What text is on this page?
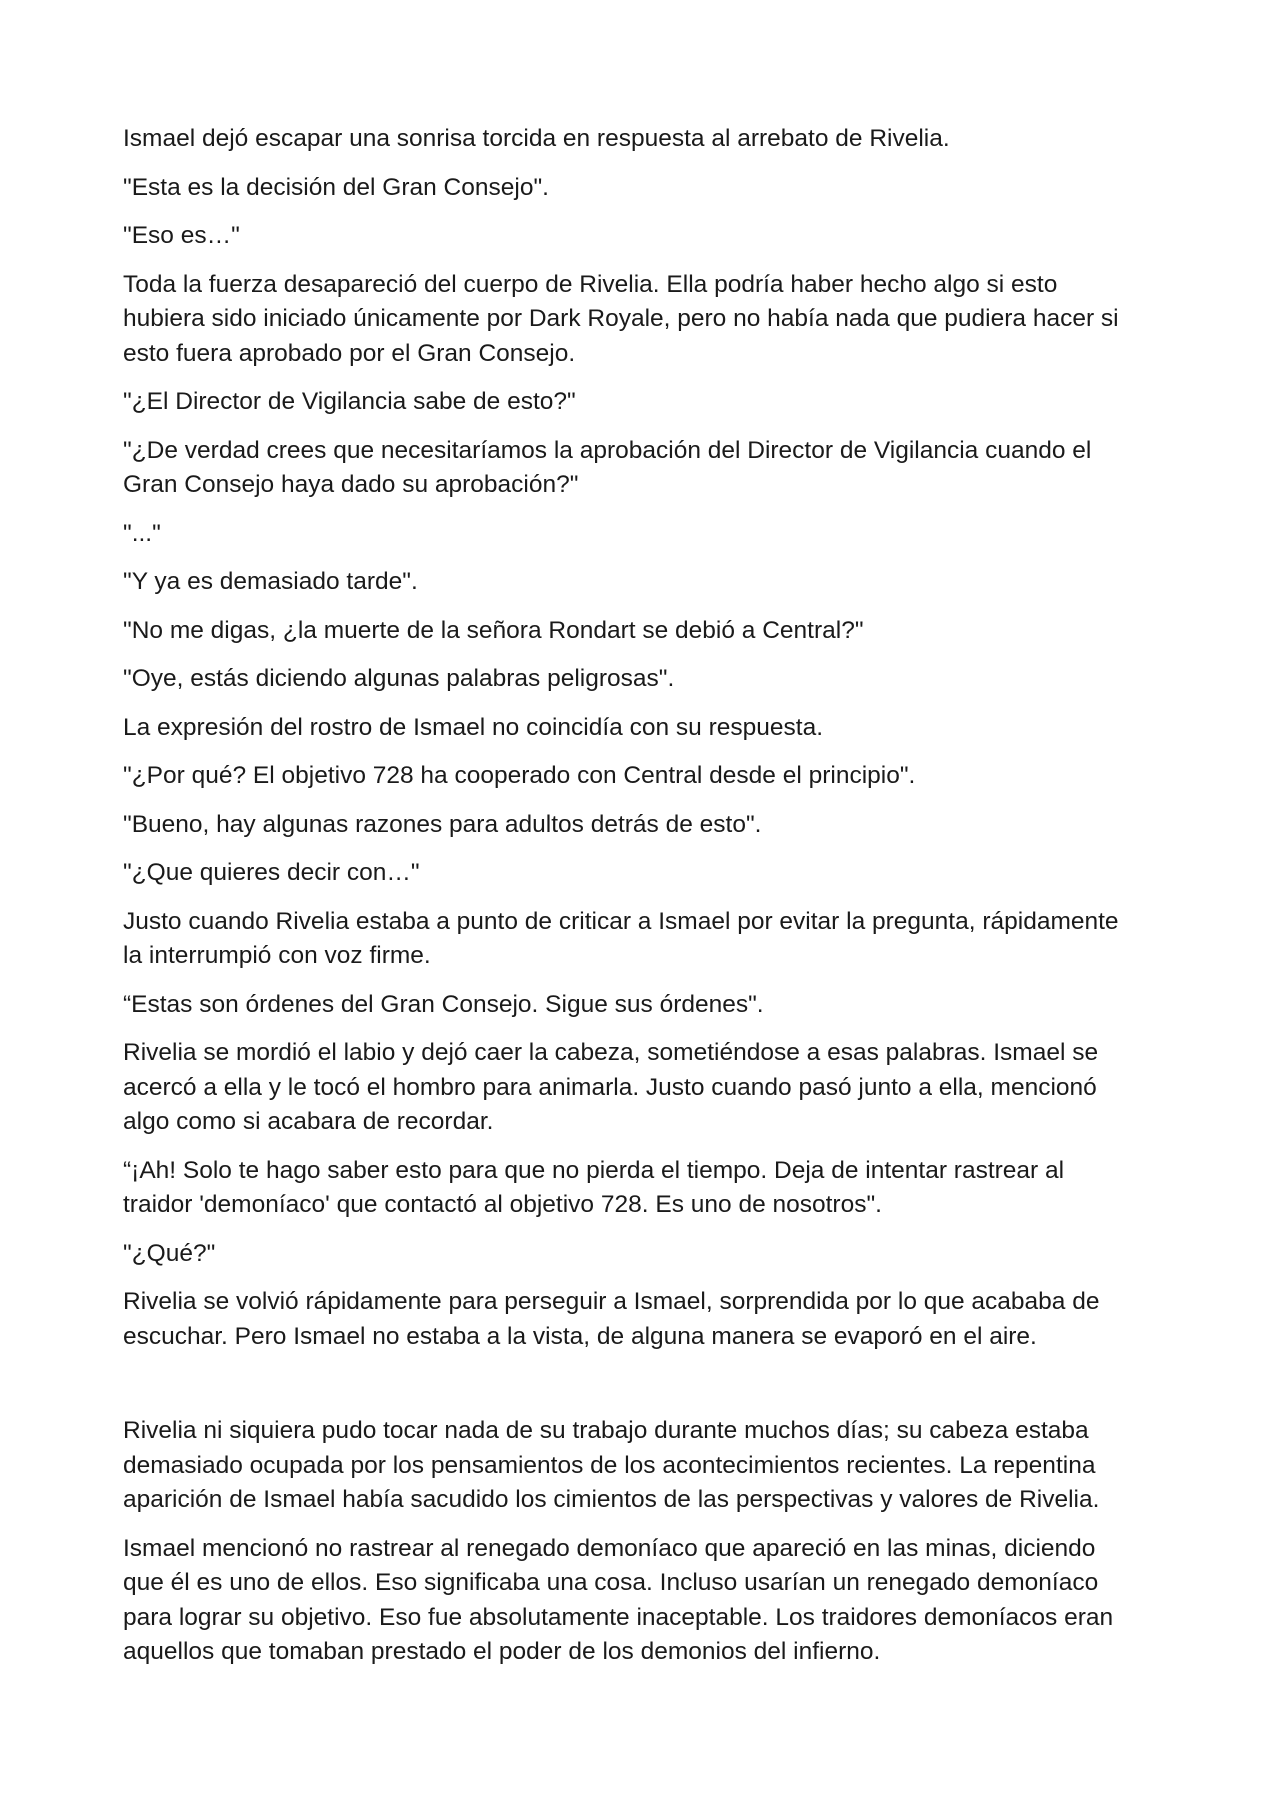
Ismael dejó escapar una sonrisa torcida en respuesta al arrebato de Rivelia.

"Esta es la decisión del Gran Consejo".

"Eso es…"

Toda la fuerza desapareció del cuerpo de Rivelia. Ella podría haber hecho algo si esto hubiera sido iniciado únicamente por Dark Royale, pero no había nada que pudiera hacer si esto fuera aprobado por el Gran Consejo.

"¿El Director de Vigilancia sabe de esto?"

"¿De verdad crees que necesitaríamos la aprobación del Director de Vigilancia cuando el Gran Consejo haya dado su aprobación?"

"..."

"Y ya es demasiado tarde".

"No me digas, ¿la muerte de la señora Rondart se debió a Central?"

"Oye, estás diciendo algunas palabras peligrosas".

La expresión del rostro de Ismael no coincidía con su respuesta.

"¿Por qué? El objetivo 728 ha cooperado con Central desde el principio".

"Bueno, hay algunas razones para adultos detrás de esto".

"¿Que quieres decir con…"

Justo cuando Rivelia estaba a punto de criticar a Ismael por evitar la pregunta, rápidamente la interrumpió con voz firme.

“Estas son órdenes del Gran Consejo. Sigue sus órdenes".

Rivelia se mordió el labio y dejó caer la cabeza, sometiéndose a esas palabras. Ismael se acercó a ella y le tocó el hombro para animarla. Justo cuando pasó junto a ella, mencionó algo como si acabara de recordar.

“¡Ah! Solo te hago saber esto para que no pierda el tiempo. Deja de intentar rastrear al traidor 'demoníaco' que contactó al objetivo 728. Es uno de nosotros".

"¿Qué?"

Rivelia se volvió rápidamente para perseguir a Ismael, sorprendida por lo que acababa de escuchar. Pero Ismael no estaba a la vista, de alguna manera se evaporó en el aire.

Rivelia ni siquiera pudo tocar nada de su trabajo durante muchos días; su cabeza estaba demasiado ocupada por los pensamientos de los acontecimientos recientes. La repentina aparición de Ismael había sacudido los cimientos de las perspectivas y valores de Rivelia.

Ismael mencionó no rastrear al renegado demoníaco que apareció en las minas, diciendo que él es uno de ellos. Eso significaba una cosa. Incluso usarían un renegado demoníaco para lograr su objetivo. Eso fue absolutamente inaceptable. Los traidores demoníacos eran aquellos que tomaban prestado el poder de los demonios del infierno.
